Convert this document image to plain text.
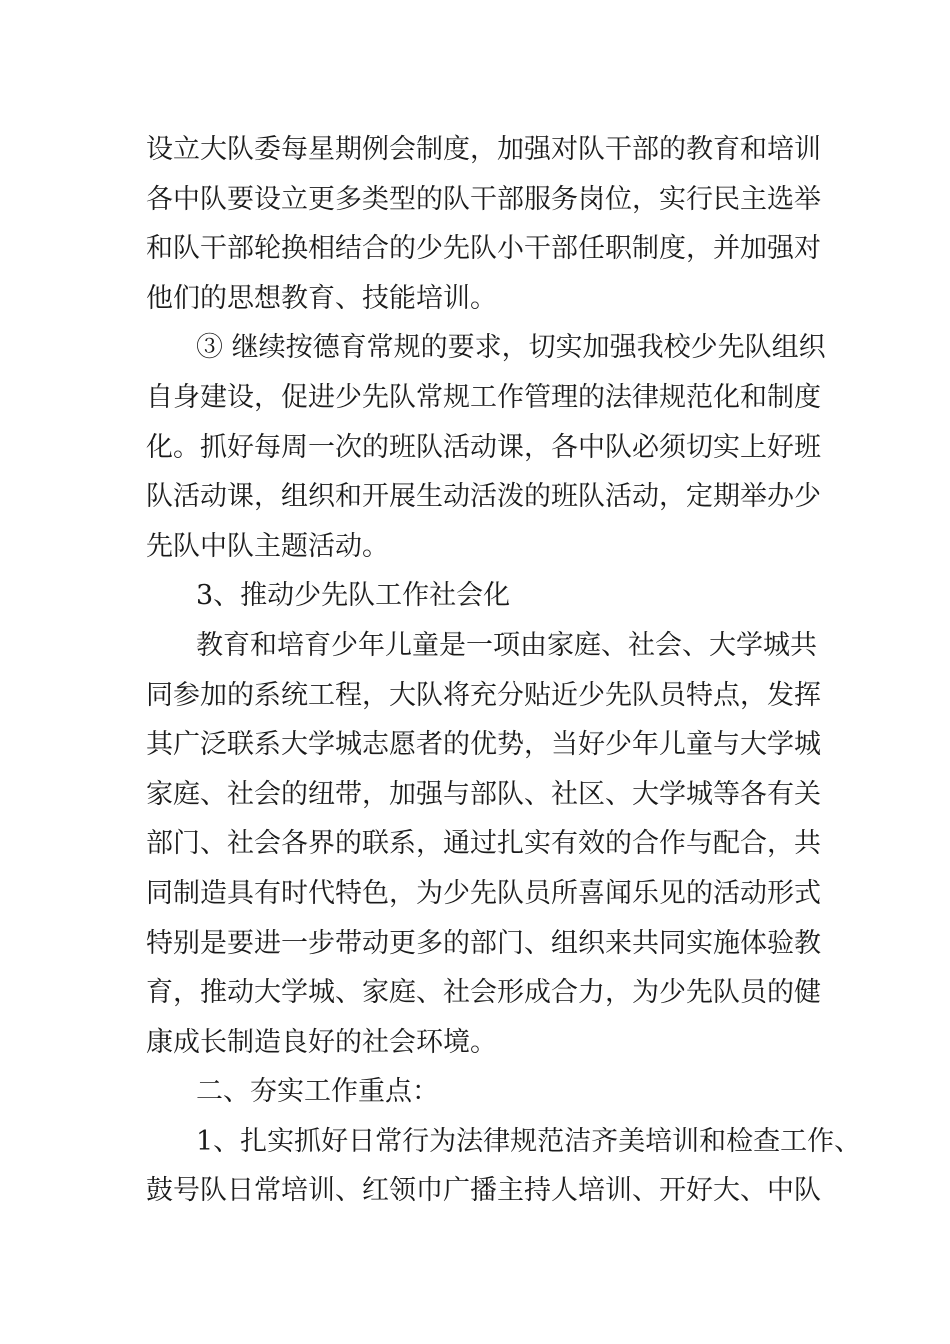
设立大队委每星期例会制度，加强对队干部的教育和培训
各中队要设立更多类型的队干部服务岗位，实行民主选举
和队干部轮换相结合的少先队小干部任职制度，并加强对
他们的思想教育、技能培训。
③ 继续按德育常规的要求，切实加强我校少先队组织
自身建设，促进少先队常规工作管理的法律规范化和制度
化。抓好每周一次的班队活动课，各中队必须切实上好班
队活动课，组织和开展生动活泼的班队活动，定期举办少
先队中队主题活动。
3、推动少先队工作社会化
教育和培育少年儿童是一项由家庭、社会、大学城共
同参加的系统工程，大队将充分贴近少先队员特点，发挥
其广泛联系大学城志愿者的优势，当好少年儿童与大学城
家庭、社会的纽带，加强与部队、社区、大学城等各有关
部门、社会各界的联系，通过扎实有效的合作与配合，共
同制造具有时代特色，为少先队员所喜闻乐见的活动形式
特别是要进一步带动更多的部门、组织来共同实施体验教
育，推动大学城、家庭、社会形成合力，为少先队员的健
康成长制造良好的社会环境。
二、夯实工作重点：
1、扎实抓好日常行为法律规范洁齐美培训和检查工作、
鼓号队日常培训、红领巾广播主持人培训、开好大、中队
